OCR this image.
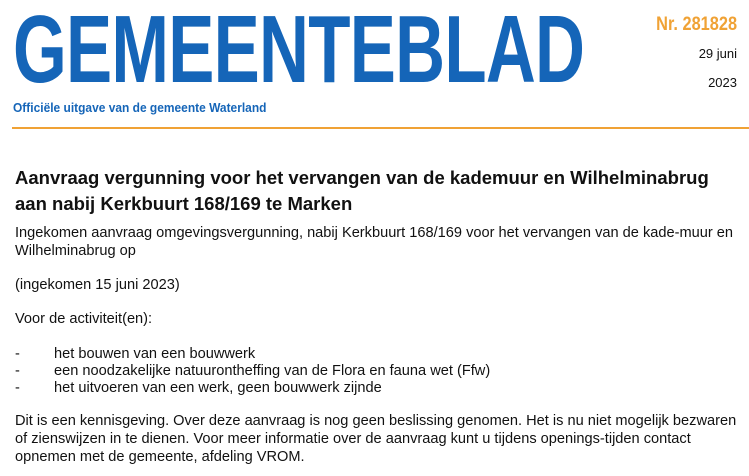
GEMEENTEBLAD
Officiële uitgave van de gemeente Waterland
Nr. 281828
29 juni
2023
Aanvraag vergunning voor het vervangen van de kademuur en Wilhelminabrug aan nabij Kerkbuurt 168/169 te Marken

Ingekomen aanvraag omgevingsvergunning, nabij Kerkbuurt 168/169 voor het vervangen van de kade-muur en Wilhelminabrug op

(ingekomen 15 juni 2023)

Voor de activiteit(en):

-	het bouwen van een bouwwerk
-	een noodzakelijke natuurontheffing van de Flora en fauna wet (Ffw)
-	het uitvoeren van een werk, geen bouwwerk zijnde

Dit is een kennisgeving. Over deze aanvraag is nog geen beslissing genomen. Het is nu niet mogelijk bezwaren of zienswijzen in te dienen. Voor meer informatie over de aanvraag kunt u tijdens openings-tijden contact opnemen met de gemeente, afdeling VROM.
